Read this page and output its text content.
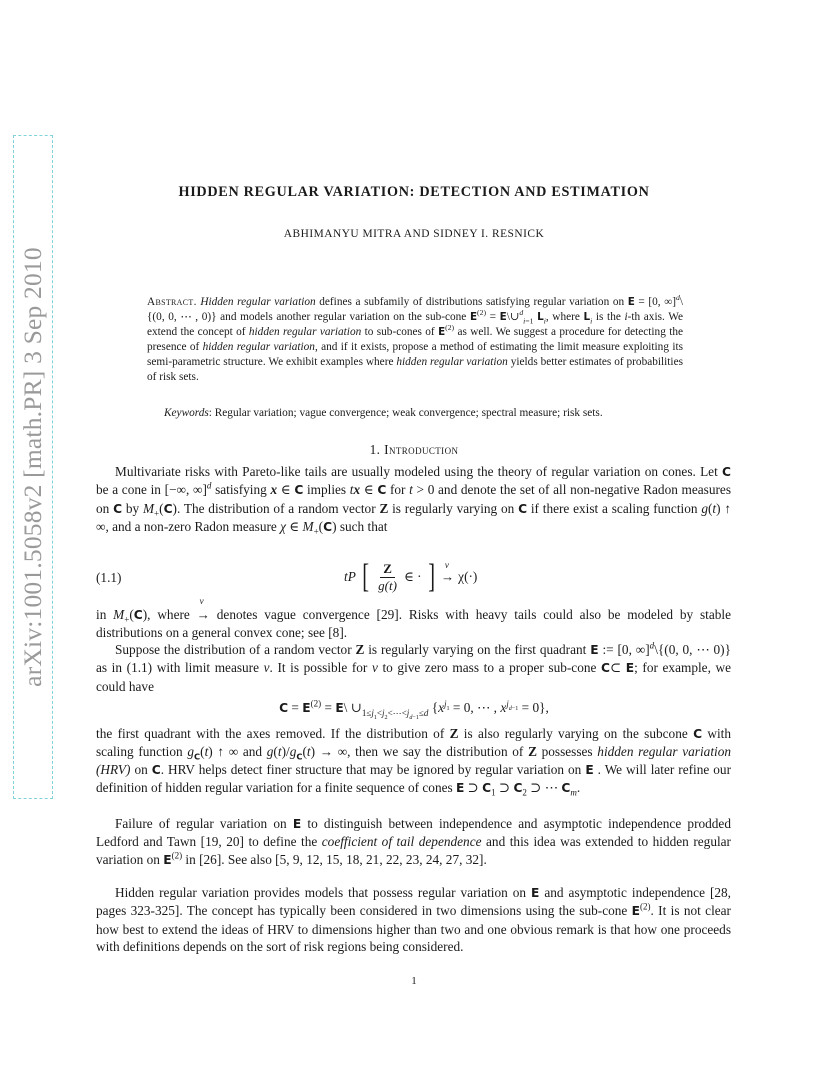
arXiv:1001.5058v2 [math.PR] 3 Sep 2010
HIDDEN REGULAR VARIATION: DETECTION AND ESTIMATION
ABHIMANYU MITRA AND SIDNEY I. RESNICK
Abstract. Hidden regular variation defines a subfamily of distributions satisfying regular variation on E = [0, ∞]$^d$\{(0, 0, ⋯ , 0)} and models another regular variation on the sub-cone $E^{(2)}$ = E\∪$^d_{i=1}$ $L_i$, where $L_i$ is the i-th axis. We extend the concept of hidden regular variation to sub-cones of $E^{(2)}$ as well. We suggest a procedure for detecting the presence of hidden regular variation, and if it exists, propose a method of estimating the limit measure exploiting its semi-parametric structure. We exhibit examples where hidden regular variation yields better estimates of probabilities of risk sets.
Keywords: Regular variation; vague convergence; weak convergence; spectral measure; risk sets.
1. Introduction
Multivariate risks with Pareto-like tails are usually modeled using the theory of regular variation on cones. Let C be a cone in [−∞, ∞]$^d$ satisfying x ∈ C implies tx ∈ C for t > 0 and denote the set of all non-negative Radon measures on C by $M_+(C)$. The distribution of a random vector Z is regularly varying on C if there exist a scaling function g(t) ↑ ∞, and a non-zero Radon measure χ ∈ $M_+(C)$ such that
(1.1)	tP [ $\frac{Z}{g(t)}$ ∈ · ] v
→ χ(·)
in $M_+(C)$, where
v
→ denotes vague convergence [29]. Risks with heavy tails could also be modeled by stable distributions on a general convex cone; see [8].
Suppose the distribution of a random vector Z is regularly varying on the first quadrant E := [0, ∞]$^d$\{(0, 0, ⋯ 0)} as in (1.1) with limit measure ν. It is possible for ν to give zero mass to a proper sub-cone C⊂ E; for example, we could have
$C = E^{(2)}$ = E\ $\cup_{1\le j_1<j_2<\cdots<j_{d-1}\le d}$ {$x^{j_1} = 0$, ⋯ , $x^{j_{d-1}} = 0$},
the first quadrant with the axes removed. If the distribution of Z is also regularly varying on the subcone C with scaling function $g_C(t)$ ↑ ∞ and $g(t)/g_C(t)$ → ∞, then we say the distribution of Z possesses hidden regular variation (HRV) on C. HRV helps detect finer structure that may be ignored by regular variation on E . We will later refine our definition of hidden regular variation for a finite sequence of cones E ⊃ $C_1$ ⊃ $C_2$ ⊃ ⋯ $C_m$.
Failure of regular variation on E to distinguish between independence and asymptotic independence prodded Ledford and Tawn [19, 20] to define the coefficient of tail dependence and this idea was extended to hidden regular variation on $E^{(2)}$ in [26]. See also [5, 9, 12, 15, 18, 21, 22, 23, 24, 27, 32].
Hidden regular variation provides models that possess regular variation on E and asymptotic independence [28, pages 323-325]. The concept has typically been considered in two dimensions using the sub-cone $E^{(2)}$. It is not clear how best to extend the ideas of HRV to dimensions higher than two and one obvious remark is that how one proceeds with definitions depends on the sort of risk regions being considered.
1
